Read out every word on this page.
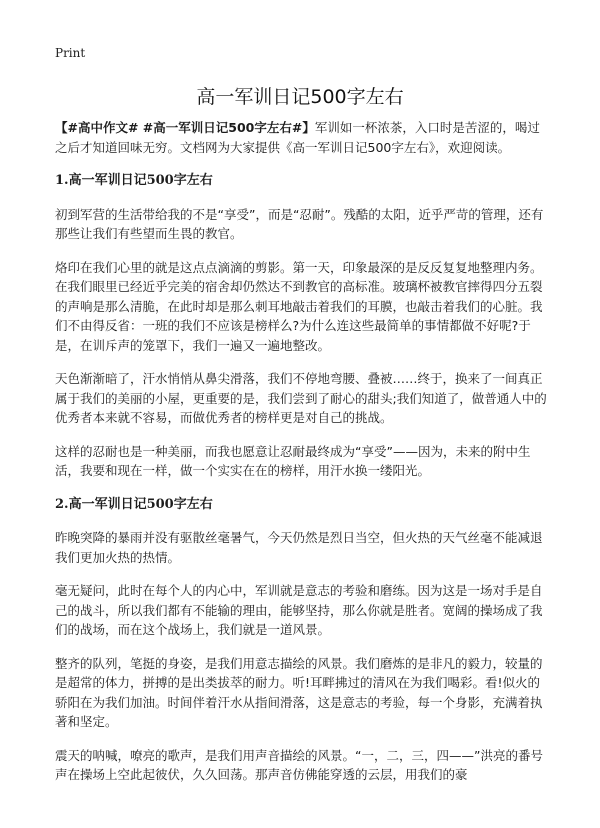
Print
高一军训日记500字左右

【#高中作文# #高一军训日记500字左右#】军训如一杯浓茶，入口时是苦涩的，喝过之后才知道回味无穷。文档网为大家提供《高一军训日记500字左右》，欢迎阅读。

1.高一军训日记500字左右

初到军营的生活带给我的不是“享受”，而是“忍耐”。残酷的太阳，近乎严苛的管理，还有那些让我们有些望而生畏的教官。

烙印在我们心里的就是这点点滴滴的剪影。第一天，印象最深的是反反复复地整理内务。在我们眼里已经近乎完美的宿舍却仍然达不到教官的高标准。玻璃杯被教官摔得四分五裂的声响是那么清脆，在此时却是那么刺耳地敲击着我们的耳膜，也敲击着我们的心脏。我们不由得反省：一班的我们不应该是榜样么?为什么连这些最简单的事情都做不好呢?于是，在训斥声的笼罩下，我们一遍又一遍地整改。

天色渐渐暗了，汗水悄悄从鼻尖滑落，我们不停地弯腰、叠被……终于，换来了一间真正属于我们的美丽的小屋，更重要的是，我们尝到了耐心的甜头;我们知道了，做普通人中的优秀者本来就不容易，而做优秀者的榜样更是对自己的挑战。

这样的忍耐也是一种美丽，而我也愿意让忍耐最终成为“享受”——因为，未来的附中生活，我要和现在一样，做一个实实在在的榜样，用汗水换一缕阳光。

2.高一军训日记500字左右

昨晚突降的暴雨并没有驱散丝毫暑气，今天仍然是烈日当空，但火热的天气丝毫不能减退我们更加火热的热情。

毫无疑问，此时在每个人的内心中，军训就是意志的考验和磨练。因为这是一场对手是自己的战斗，所以我们都有不能输的理由，能够坚持，那么你就是胜者。宽阔的操场成了我们的战场，而在这个战场上，我们就是一道风景。

整齐的队列，笔挺的身姿，是我们用意志描绘的风景。我们磨炼的是非凡的毅力，较量的是超常的体力，拼搏的是出类拔萃的耐力。听!耳畔拂过的清风在为我们喝彩。看!似火的骄阳在为我们加油。时间伴着汗水从指间滑落，这是意志的考验，每一个身影，充满着执著和坚定。

震天的呐喊，嘹亮的歌声，是我们用声音描绘的风景。“一，二，三，四——”洪亮的番号声在操场上空此起彼伏，久久回荡。那声音仿佛能穿透的云层，用我们的豪
